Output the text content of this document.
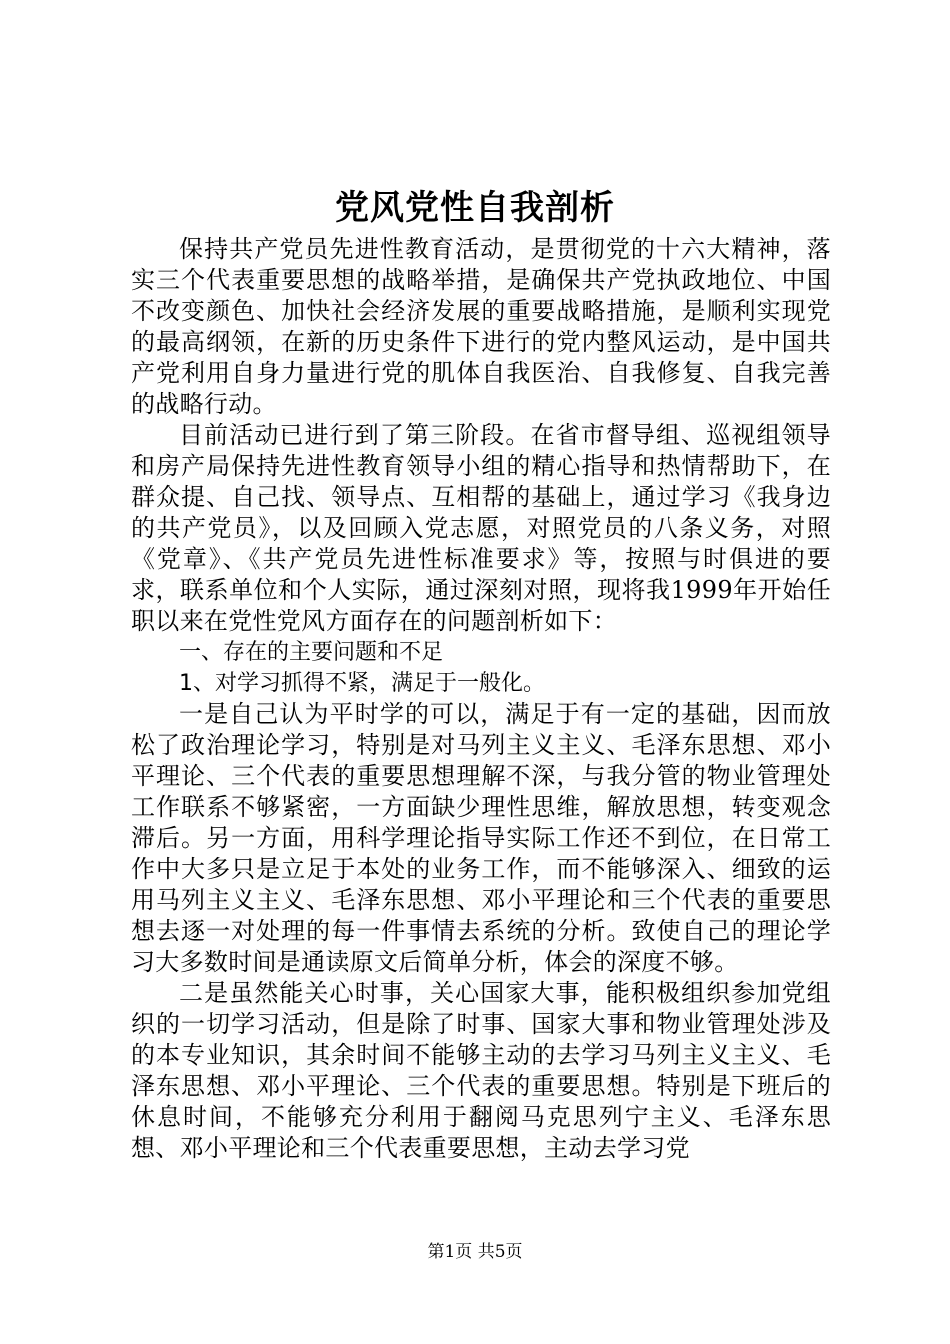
党风党性自我剖析

保持共产党员先进性教育活动，是贯彻党的十六大精神，落实三个代表重要思想的战略举措，是确保共产党执政地位、中国不改变颜色、加快社会经济发展的重要战略措施，是顺利实现党的最高纲领，在新的历史条件下进行的党内整风运动，是中国共产党利用自身力量进行党的肌体自我医治、自我修复、自我完善的战略行动。

目前活动已进行到了第三阶段。在省市督导组、巡视组领导和房产局保持先进性教育领导小组的精心指导和热情帮助下，在群众提、自己找、领导点、互相帮的基础上，通过学习《我身边的共产党员》，以及回顾入党志愿，对照党员的八条义务，对照《党章》、《共产党员先进性标准要求》等，按照与时俱进的要求，联系单位和个人实际，通过深刻对照，现将我1999年开始任职以来在党性党风方面存在的问题剖析如下：

一、存在的主要问题和不足

1、对学习抓得不紧，满足于一般化。

一是自己认为平时学的可以，满足于有一定的基础，因而放松了政治理论学习，特别是对马列主义主义、毛泽东思想、邓小平理论、三个代表的重要思想理解不深，与我分管的物业管理处工作联系不够紧密，一方面缺少理性思维，解放思想，转变观念滞后。另一方面，用科学理论指导实际工作还不到位，在日常工作中大多只是立足于本处的业务工作，而不能够深入、细致的运用马列主义主义、毛泽东思想、邓小平理论和三个代表的重要思想去逐一对处理的每一件事情去系统的分析。致使自己的理论学习大多数时间是通读原文后简单分析，体会的深度不够。

二是虽然能关心时事，关心国家大事，能积极组织参加党组织的一切学习活动，但是除了时事、国家大事和物业管理处涉及的本专业知识，其余时间不能够主动的去学习马列主义主义、毛泽东思想、邓小平理论、三个代表的重要思想。特别是下班后的休息时间，不能够充分利用于翻阅马克思列宁主义、毛泽东思想、邓小平理论和三个代表重要思想，主动去学习党

第1页 共5页
